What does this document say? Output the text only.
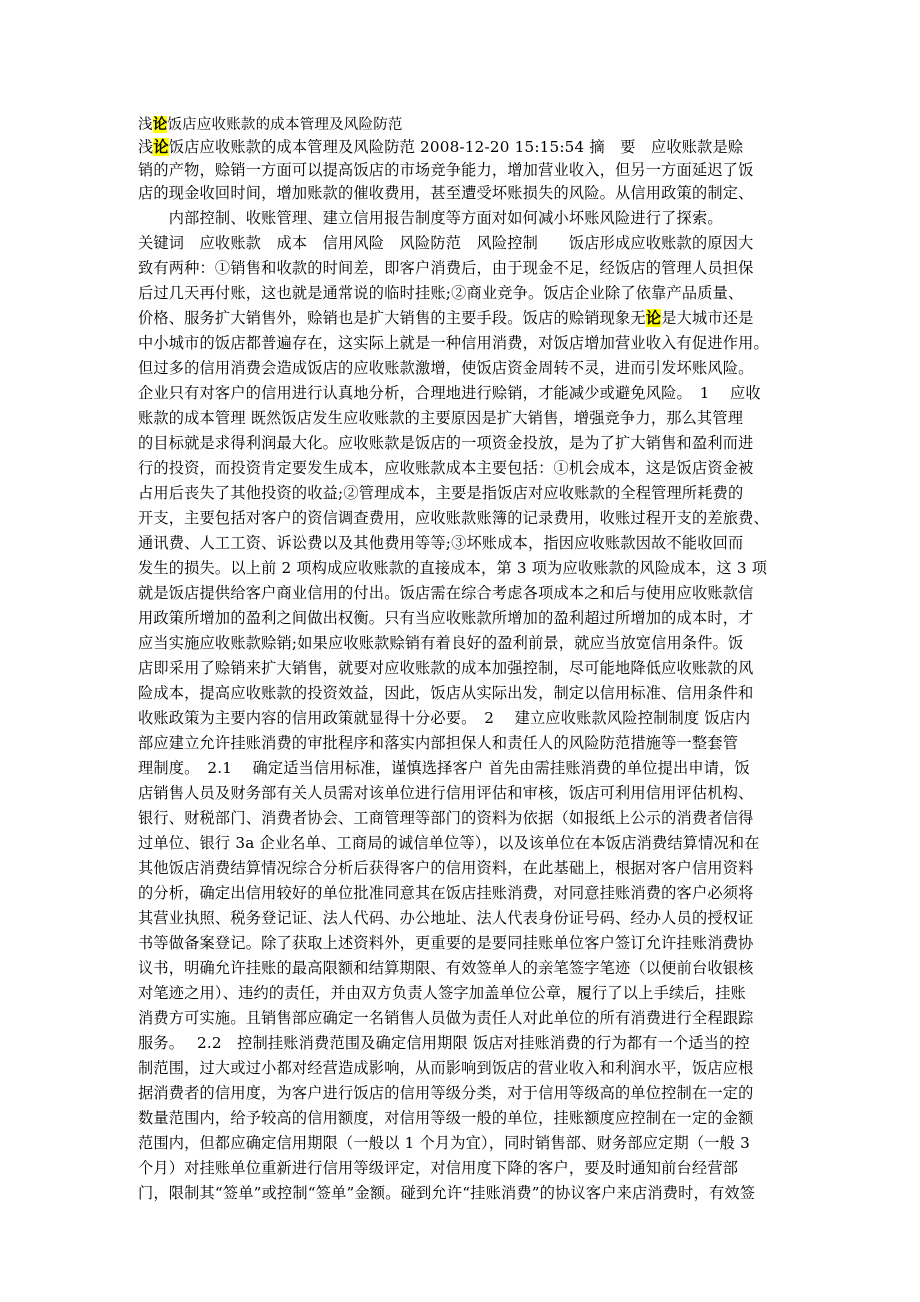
浅论饭店应收账款的成本管理及风险防范
浅论饭店应收账款的成本管理及风险防范 2008-12-20 15:15:54 摘　要　应收账款是赊
销的产物，赊销一方面可以提高饭店的市场竞争能力，增加营业收入，但另一方面延迟了饭
店的现金收回时间，增加账款的催收费用，甚至遭受坏账损失的风险。从信用政策的制定、
　　内部控制、收账管理、建立信用报告制度等方面对如何减小坏账风险进行了探索。
关键词　应收账款　成本　信用风险　风险防范　风险控制　　饭店形成应收账款的原因大
致有两种：①销售和收款的时间差，即客户消费后，由于现金不足，经饭店的管理人员担保
后过几天再付账，这也就是通常说的临时挂账;②商业竞争。饭店企业除了依靠产品质量、
价格、服务扩大销售外，赊销也是扩大销售的主要手段。饭店的赊销现象无论是大城市还是
中小城市的饭店都普遍存在，这实际上就是一种信用消费，对饭店增加营业收入有促进作用。
但过多的信用消费会造成饭店的应收账款激增，使饭店资金周转不灵，进而引发坏账风险。
企业只有对客户的信用进行认真地分析，合理地进行赊销，才能减少或避免风险。　1　 应收
账款的成本管理 既然饭店发生应收账款的主要原因是扩大销售，增强竞争力，那么其管理
的目标就是求得利润最大化。应收账款是饭店的一项资金投放，是为了扩大销售和盈利而进
行的投资，而投资肯定要发生成本，应收账款成本主要包括：①机会成本，这是饭店资金被
占用后丧失了其他投资的收益;②管理成本，主要是指饭店对应收账款的全程管理所耗费的
开支，主要包括对客户的资信调查费用，应收账款账簿的记录费用，收账过程开支的差旅费、
通讯费、人工工资、诉讼费以及其他费用等等;③坏账成本，指因应收账款因故不能收回而
发生的损失。以上前 2 项构成应收账款的直接成本，第 3 项为应收账款的风险成本，这 3 项
就是饭店提供给客户商业信用的付出。饭店需在综合考虑各项成本之和后与使用应收账款信
用政策所增加的盈利之间做出权衡。只有当应收账款所增加的盈利超过所增加的成本时，才
应当实施应收账款赊销;如果应收账款赊销有着良好的盈利前景，就应当放宽信用条件。饭
店即采用了赊销来扩大销售，就要对应收账款的成本加强控制，尽可能地降低应收账款的风
险成本，提高应收账款的投资效益，因此，饭店从实际出发，制定以信用标准、信用条件和
收账政策为主要内容的信用政策就显得十分必要。　2　 建立应收账款风险控制制度 饭店内
部应建立允许挂账消费的审批程序和落实内部担保人和责任人的风险防范措施等一整套管
理制度。　2.1　 确定适当信用标准，谨慎选择客户 首先由需挂账消费的单位提出申请，饭
店销售人员及财务部有关人员需对该单位进行信用评估和审核，饭店可利用信用评估机构、
银行、财税部门、消费者协会、工商管理等部门的资料为依据（如报纸上公示的消费者信得
过单位、银行 3a 企业名单、工商局的诚信单位等），以及该单位在本饭店消费结算情况和在
其他饭店消费结算情况综合分析后获得客户的信用资料，在此基础上，根据对客户信用资料
的分析，确定出信用较好的单位批准同意其在饭店挂账消费，对同意挂账消费的客户必须将
其营业执照、税务登记证、法人代码、办公地址、法人代表身份证号码、经办人员的授权证
书等做备案登记。除了获取上述资料外，更重要的是要同挂账单位客户签订允许挂账消费协
议书，明确允许挂账的最高限额和结算期限、有效签单人的亲笔签字笔迹（以便前台收银核
对笔迹之用）、违约的责任，并由双方负责人签字加盖单位公章，履行了以上手续后，挂账
消费方可实施。且销售部应确定一名销售人员做为责任人对此单位的所有消费进行全程跟踪
服务。　 2.2　控制挂账消费范围及确定信用期限 饭店对挂账消费的行为都有一个适当的控
制范围，过大或过小都对经营造成影响，从而影响到饭店的营业收入和利润水平，饭店应根
据消费者的信用度，为客户进行饭店的信用等级分类，对于信用等级高的单位控制在一定的
数量范围内，给予较高的信用额度，对信用等级一般的单位，挂账额度应控制在一定的金额
范围内，但都应确定信用期限（一般以 1 个月为宜），同时销售部、财务部应定期（一般 3
个月）对挂账单位重新进行信用等级评定，对信用度下降的客户，要及时通知前台经营部
门，限制其“签单”或控制“签单”金额。碰到允许“挂账消费”的协议客户来店消费时，有效签
